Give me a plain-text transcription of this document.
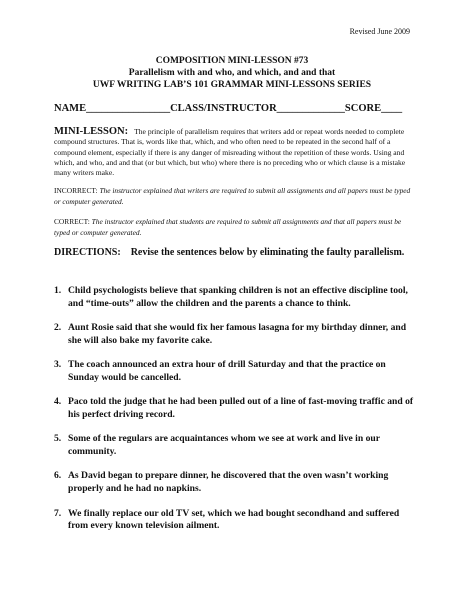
Revised June 2009
COMPOSITION MINI-LESSON #73
Parallelism with and who, and which, and and that
UWF WRITING LAB’S 101 GRAMMAR MINI-LESSONS SERIES
NAME________________CLASS/INSTRUCTOR_____________SCORE____
MINI-LESSON: The principle of parallelism requires that writers add or repeat words needed to complete compound structures. That is, words like that, which, and who often need to be repeated in the second half of a compound element, especially if there is any danger of misreading without the repetition of these words. Using and which, and who, and and that (or but which, but who) where there is no preceding who or which clause is a mistake many writers make.
INCORRECT: The instructor explained that writers are required to submit all assignments and all papers must be typed or computer generated.
CORRECT: The instructor explained that students are required to submit all assignments and that all papers must be typed or computer generated.
DIRECTIONS: Revise the sentences below by eliminating the faulty parallelism.
1. Child psychologists believe that spanking children is not an effective discipline tool, and “time-outs” allow the children and the parents a chance to think.
2. Aunt Rosie said that she would fix her famous lasagna for my birthday dinner, and she will also bake my favorite cake.
3. The coach announced an extra hour of drill Saturday and that the practice on Sunday would be cancelled.
4. Paco told the judge that he had been pulled out of a line of fast-moving traffic and of his perfect driving record.
5. Some of the regulars are acquaintances whom we see at work and live in our community.
6. As David began to prepare dinner, he discovered that the oven wasn’t working properly and he had no napkins.
7. We finally replace our old TV set, which we had bought secondhand and suffered from every known television ailment.
